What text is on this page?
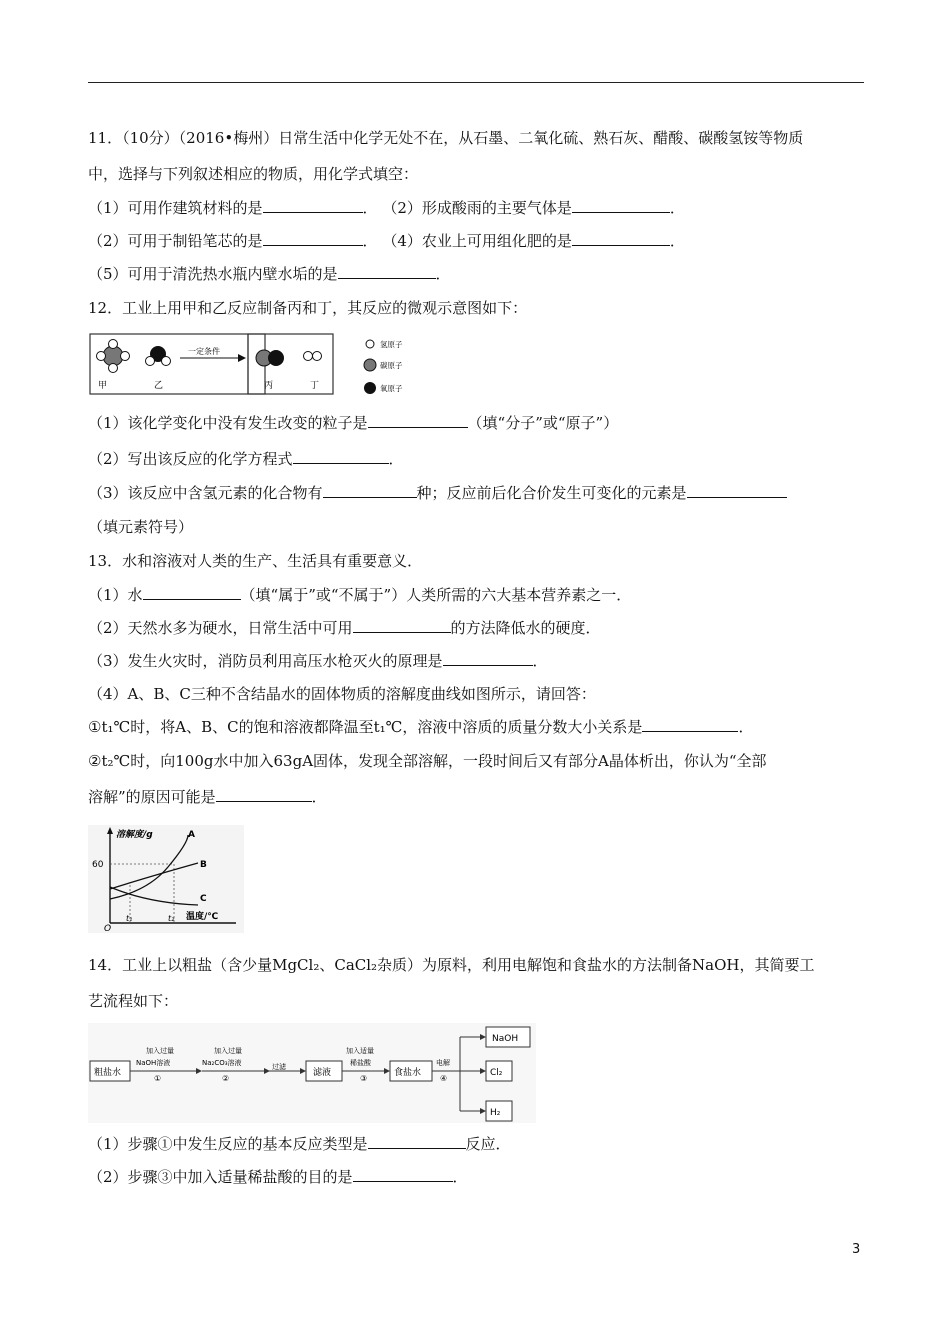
11．（10分）（2016•梅州）日常生活中化学无处不在，从石墨、二氧化硫、熟石灰、醋酸、碳酸氢铵等物质
中，选择与下列叙述相应的物质，用化学式填空：
（1）可用作建筑材料的是	． （2）形成酸雨的主要气体是	．
（2）可用于制铅笔芯的是	． （4）农业上可用组化肥的是	．
（5）可用于清洗热水瓶内壁水垢的是	．
12．工业上用甲和乙反应制备丙和丁，其反应的微观示意图如下：
甲	乙
一定条件
丙	丁
氢原子
碳原子
氧原子
（1）该化学变化中没有发生改变的粒子是	（填“分子”或“原子”）
（2）写出该反应的化学方程式	．
（3）该反应中含氢元素的化合物有	种；反应前后化合价发生可变化的元素是
（填元素符号）
13．水和溶液对人类的生产、生活具有重要意义．
（1）水	（填“属于”或“不属于”）人类所需的六大基本营养素之一．
（2）天然水多为硬水，日常生活中可用	的方法降低水的硬度．
（3）发生火灾时，消防员利用高压水枪灭火的原理是	．
（4）A、B、C三种不含结晶水的固体物质的溶解度曲线如图所示，请回答：
①t₁℃时，将A、B、C的饱和溶液都降温至t₁℃，溶液中溶质的质量分数大小关系是	．
②t₂℃时，向100g水中加入63gA固体，发现全部溶解，一段时间后又有部分A晶体析出，你认为“全部
溶解”的原因可能是	．
溶解度/g
温度/℃
O
60
t₁	t₂
A
B
C
14．工业上以粗盐（含少量MgCl₂、CaCl₂杂质）为原料，利用电解饱和食盐水的方法制备NaOH，其简要工
艺流程如下：
粗盐水
加入过量
NaOH溶液
①
加入过量
Na₂CO₃溶液
②
过滤
滤液
加入适量
稀盐酸
③
食盐水
电解
④
NaOH
Cl₂
H₂
（1）步骤①中发生反应的基本反应类型是	反应．
（2）步骤③中加入适量稀盐酸的目的是	．
3
